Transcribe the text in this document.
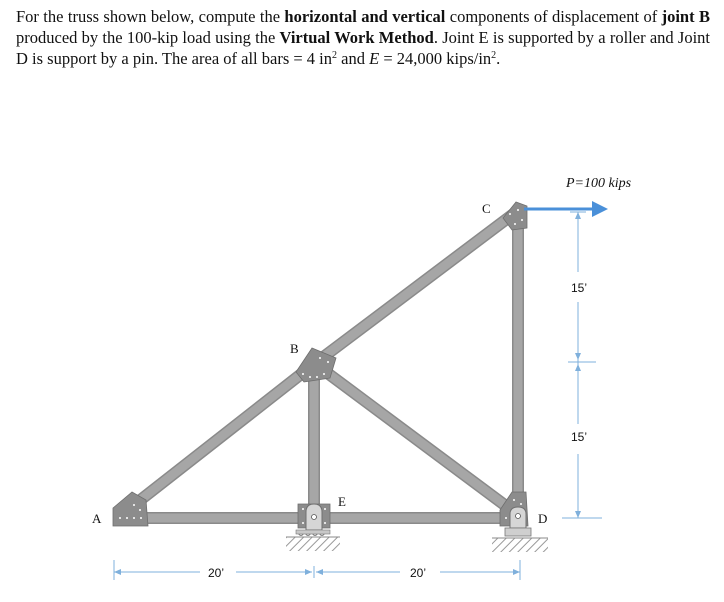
For the truss shown below, compute the horizontal and vertical components of displacement of joint B produced by the 100-kip load using the Virtual Work Method. Joint E is supported by a roller and Joint D is support by a pin. The area of all bars = 4 $in^2$ and E = 24,000 kips/$in^2$.
P=100 kips
A
B
C
D
E
20’	20’
15’
15’
